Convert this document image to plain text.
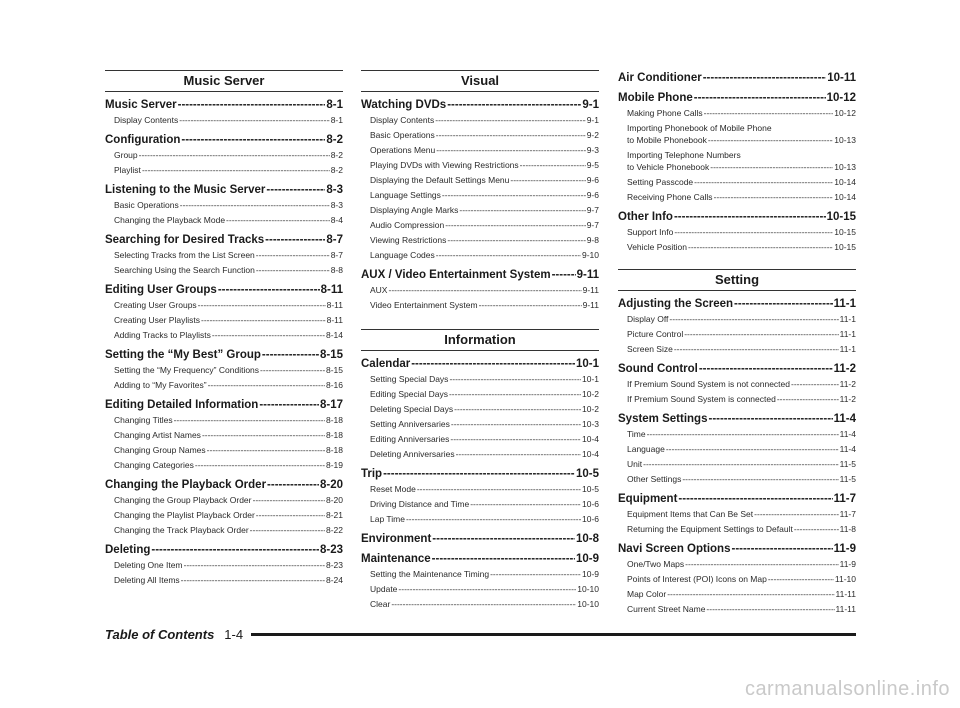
Music Server
Music Server -----	8-1
Display Contents -----	8-1
Configuration -----	8-2
Group -----	8-2
Playlist -----	8-2
Listening to the Music Server -----	8-3
Basic Operations -----	8-3
Changing the Playback Mode -----	8-4
Searching for Desired Tracks -----	8-7
Selecting Tracks from the List Screen -----	8-7
Searching Using the Search Function -----	8-8
Editing User Groups -----	8-11
Creating User Groups -----	8-11
Creating User Playlists -----	8-11
Adding Tracks to Playlists -----	8-14
Setting the “My Best” Group -----	8-15
Setting the “My Frequency” Conditions -----	8-15
Adding to “My Favorites” -----	8-16
Editing Detailed Information -----	8-17
Changing Titles -----	8-18
Changing Artist Names -----	8-18
Changing Group Names -----	8-18
Changing Categories -----	8-19
Changing the Playback Order -----	8-20
Changing the Group Playback Order -----	8-20
Changing the Playlist Playback Order -----	8-21
Changing the Track Playback Order -----	8-22
Deleting -----	8-23
Deleting One Item -----	8-23
Deleting All Items -----	8-24
Visual
Watching DVDs -----	9-1
Display Contents -----	9-1
Basic Operations -----	9-2
Operations Menu -----	9-3
Playing DVDs with Viewing Restrictions -----	9-5
Displaying the Default Settings Menu -----	9-6
Language Settings -----	9-6
Displaying Angle Marks -----	9-7
Audio Compression -----	9-7
Viewing Restrictions -----	9-8
Language Codes -----	9-10
AUX / Video Entertainment System ----- 9-11
AUX -----	9-11
Video Entertainment System -----	9-11
Information
Calendar -----	10-1
Setting Special Days -----	10-1
Editing Special Days -----	10-2
Deleting Special Days -----	10-2
Setting Anniversaries -----	10-3
Editing Anniversaries -----	10-4
Deleting Anniversaries -----	10-4
Trip -----	10-5
Reset Mode -----	10-5
Driving Distance and Time -----	10-6
Lap Time -----	10-6
Environment -----	10-8
Maintenance -----	10-9
Setting the Maintenance Timing -----	10-9
Update -----	10-10
Clear -----	10-10
Air Conditioner -----	10-11
Mobile Phone -----	10-12
Making Phone Calls -----	10-12
Importing Phonebook of Mobile Phone
to Mobile Phonebook -----	10-13
Importing Telephone Numbers
to Vehicle Phonebook -----	10-13
Setting Passcode -----	10-14
Receiving Phone Calls -----	10-14
Other Info -----	10-15
Support Info -----	10-15
Vehicle Position -----	10-15
Setting
Adjusting the Screen -----	11-1
Display Off -----	11-1
Picture Control -----	11-1
Screen Size -----	11-1
Sound Control -----	11-2
If Premium Sound System is not connected -----	11-2
If Premium Sound System is connected -----	11-2
System Settings -----	11-4
Time -----	11-4
Language -----	11-4
Unit -----	11-5
Other Settings -----	11-5
Equipment -----	11-7
Equipment Items that Can Be Set -----	11-7
Returning the Equipment Settings to Default -----	11-8
Navi Screen Options -----	11-9
One/Two Maps -----	11-9
Points of Interest (POI) Icons on Map -----	11-10
Map Color -----	11-11
Current Street Name -----	11-11
Table of Contents 1-4
carmanualsonline.info
